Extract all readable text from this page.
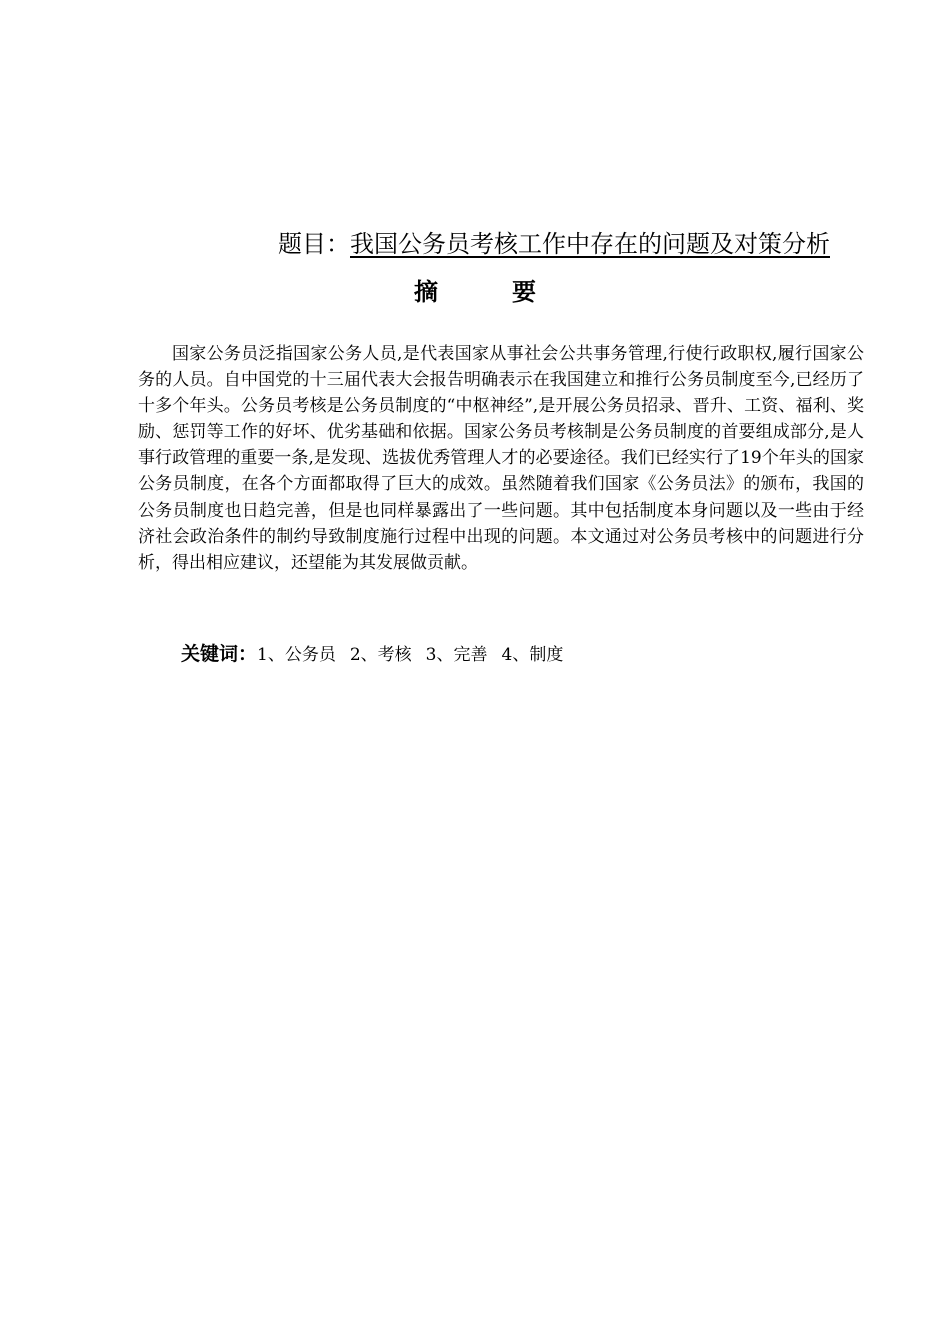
题目：我国公务员考核工作中存在的问题及对策分析
摘	要

国家公务员泛指国家公务人员,是代表国家从事社会公共事务管理,行使行政职权,履行国家公务的人员。自中国党的十三届代表大会报告明确表示在我国建立和推行公务员制度至今,已经历了十多个年头。公务员考核是公务员制度的“中枢神经”,是开展公务员招录、晋升、工资、福利、奖励、惩罚等工作的好坏、优劣基础和依据。国家公务员考核制是公务员制度的首要组成部分,是人事行政管理的重要一条,是发现、选拔优秀管理人才的必要途径。我们已经实行了19个年头的国家公务员制度，在各个方面都取得了巨大的成效。虽然随着我们国家《公务员法》的颁布，我国的公务员制度也日趋完善，但是也同样暴露出了一些问题。其中包括制度本身问题以及一些由于经济社会政治条件的制约导致制度施行过程中出现的问题。本文通过对公务员考核中的问题进行分析，得出相应建议，还望能为其发展做贡献。

关键词：1、公务员 2、考核 3、完善 4、制度
